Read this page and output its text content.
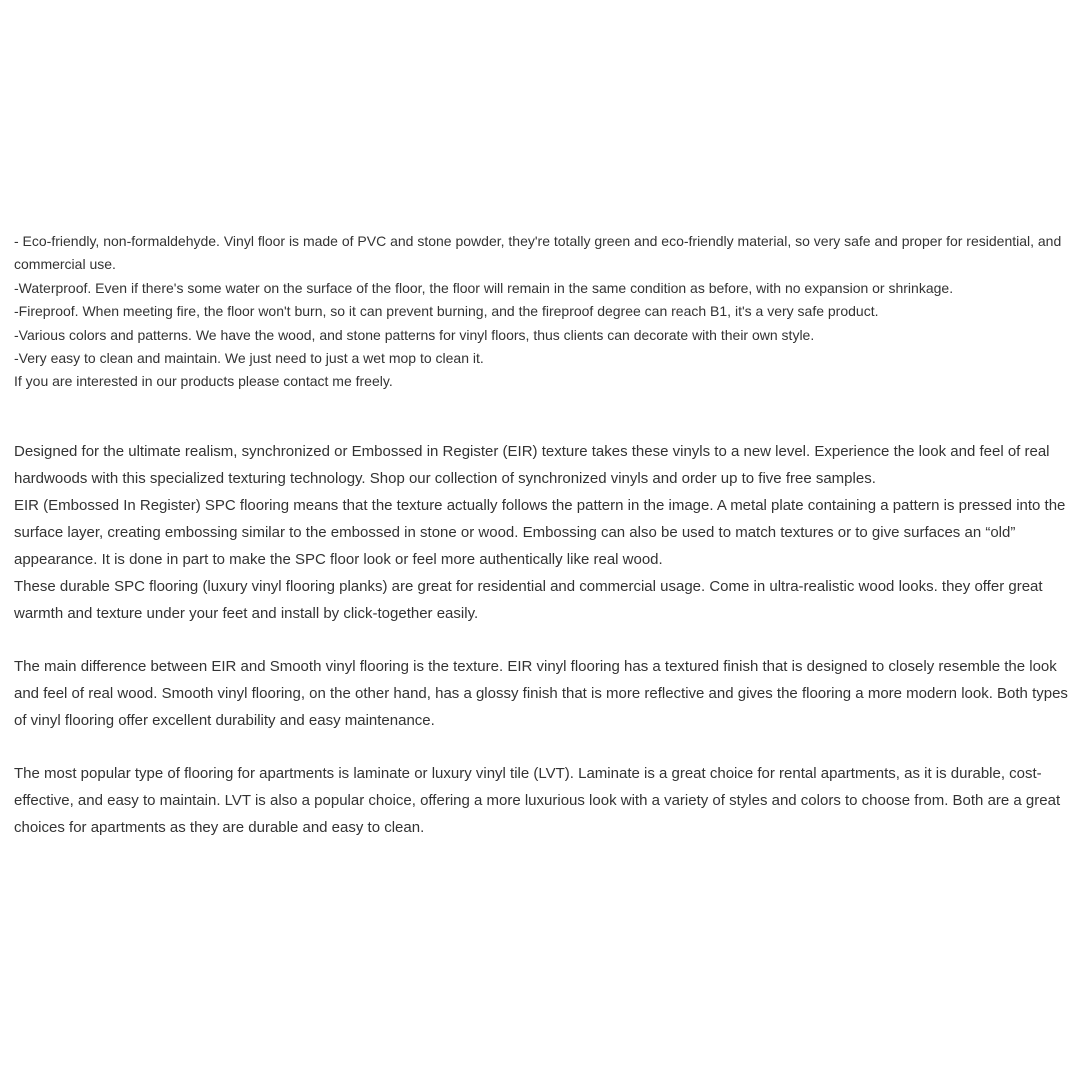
- Eco-friendly, non-formaldehyde. Vinyl floor is made of PVC and stone powder, they're totally green and eco-friendly material, so very safe and proper for residential, and commercial use.

-Waterproof. Even if there's some water on the surface of the floor, the floor will remain in the same condition as before, with no expansion or shrinkage.

-Fireproof. When meeting fire, the floor won't burn, so it can prevent burning, and the fireproof degree can reach B1, it's a very safe product.

-Various colors and patterns. We have the wood, and stone patterns for vinyl floors, thus clients can decorate with their own style.

-Very easy to clean and maintain. We just need to just a wet mop to clean it.

If you are interested in our products please contact me freely.

Designed for the ultimate realism, synchronized or Embossed in Register (EIR) texture takes these vinyls to a new level. Experience the look and feel of real hardwoods with this specialized texturing technology. Shop our collection of synchronized vinyls and order up to five free samples.

EIR (Embossed In Register) SPC flooring means that the texture actually follows the pattern in the image. A metal plate containing a pattern is pressed into the surface layer, creating embossing similar to the embossed in stone or wood. Embossing can also be used to match textures or to give surfaces an “old” appearance. It is done in part to make the SPC floor look or feel more authentically like real wood.

These durable SPC flooring (luxury vinyl flooring planks) are great for residential and commercial usage. Come in ultra-realistic wood looks. they offer great warmth and texture under your feet and install by click-together easily.

The main difference between EIR and Smooth vinyl flooring is the texture. EIR vinyl flooring has a textured finish that is designed to closely resemble the look and feel of real wood. Smooth vinyl flooring, on the other hand, has a glossy finish that is more reflective and gives the flooring a more modern look. Both types of vinyl flooring offer excellent durability and easy maintenance.

The most popular type of flooring for apartments is laminate or luxury vinyl tile (LVT). Laminate is a great choice for rental apartments, as it is durable, cost-effective, and easy to maintain. LVT is also a popular choice, offering a more luxurious look with a variety of styles and colors to choose from. Both are a great choices for apartments as they are durable and easy to clean.
